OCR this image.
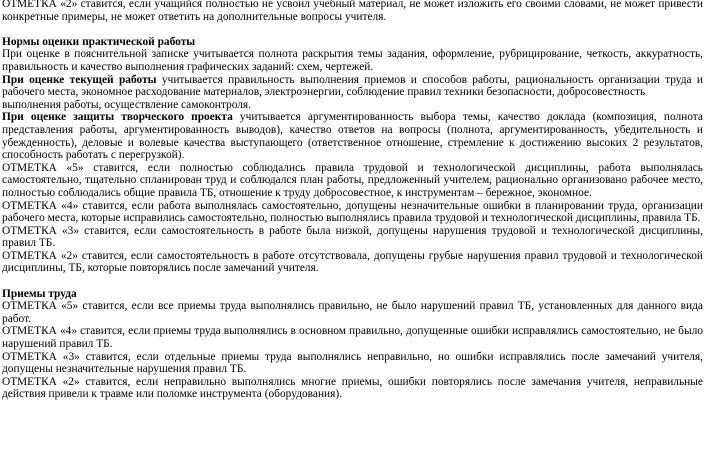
ОТМЕТКА «2» ставится, если учащийся полностью не усвоил учебный материал, не может изложить его своими словами, не может привести конкретные примеры, не может ответить на дополнительные вопросы учителя.

Нормы оценки практической работы

При оценке в пояснительной записке учитывается полнота раскрытия темы задания, оформление, рубрицирование, четкость, аккуратность, правильность и качество выполнения графических заданий: схем, чертежей.

При оценке текущей работы учитывается правильность выполнения приемов и способов работы, рациональность организации труда и рабочего места, экономное расходование материалов, электроэнергии, соблюдение правил техники безопасности, добросовестность

выполнения работы, осуществление самоконтроля.

При оценке защиты творческого проекта учитывается аргументированность выбора темы, качество доклада (композиция, полнота представления работы, аргументированность выводов), качество ответов на вопросы (полнота, аргументированность, убедительность и убежденность), деловые и волевые качества выступающего (ответственное отношение, стремление к достижению высоких 2 результатов, способность работать с перегрузкой).

ОТМЕТКА «5» ставится, если полностью соблюдались правила трудовой и технологической дисциплины, работа выполнялась самостоятельно, тщательно спланирован труд и соблюдался план работы, предложенный учителем, рационально организовано рабочее место, полностью соблюдались общие правила ТБ, отношение к труду добросовестное, к инструментам – бережное, экономное.

ОТМЕТКА «4» ставится, если работа выполнялась самостоятельно, допущены незначительные ошибки в планировании труда, организации рабочего места, которые исправились самостоятельно, полностью выполнялись правила трудовой и технологической дисциплины, правила ТБ.

ОТМЕТКА «3» ставится, если самостоятельность в работе была низкой, допущены нарушения трудовой и технологической дисциплины, правил ТБ.

ОТМЕТКА «2» ставится, если самостоятельность в работе отсутствовала, допущены грубые нарушения правил трудовой и технологической дисциплины, ТБ, которые повторялись после замечаний учителя.

Приемы труда

ОТМЕТКА «5» ставится, если все приемы труда выполнялись правильно, не было нарушений правил ТБ, установленных для данного вида работ.

ОТМЕТКА «4» ставится, если приемы труда выполнялись в основном правильно, допущенные ошибки исправлялись самостоятельно, не было нарушений правил ТБ.

ОТМЕТКА «3» ставится, если отдельные приемы труда выполнялись неправильно, но ошибки исправлялись после замечаний учителя, допущены незначительные нарушения правил ТБ.

ОТМЕТКА «2» ставится, если неправильно выполнялись многие приемы, ошибки повторялись после замечания учителя, неправильные действия привели к травме или поломке инструмента (оборудования).
